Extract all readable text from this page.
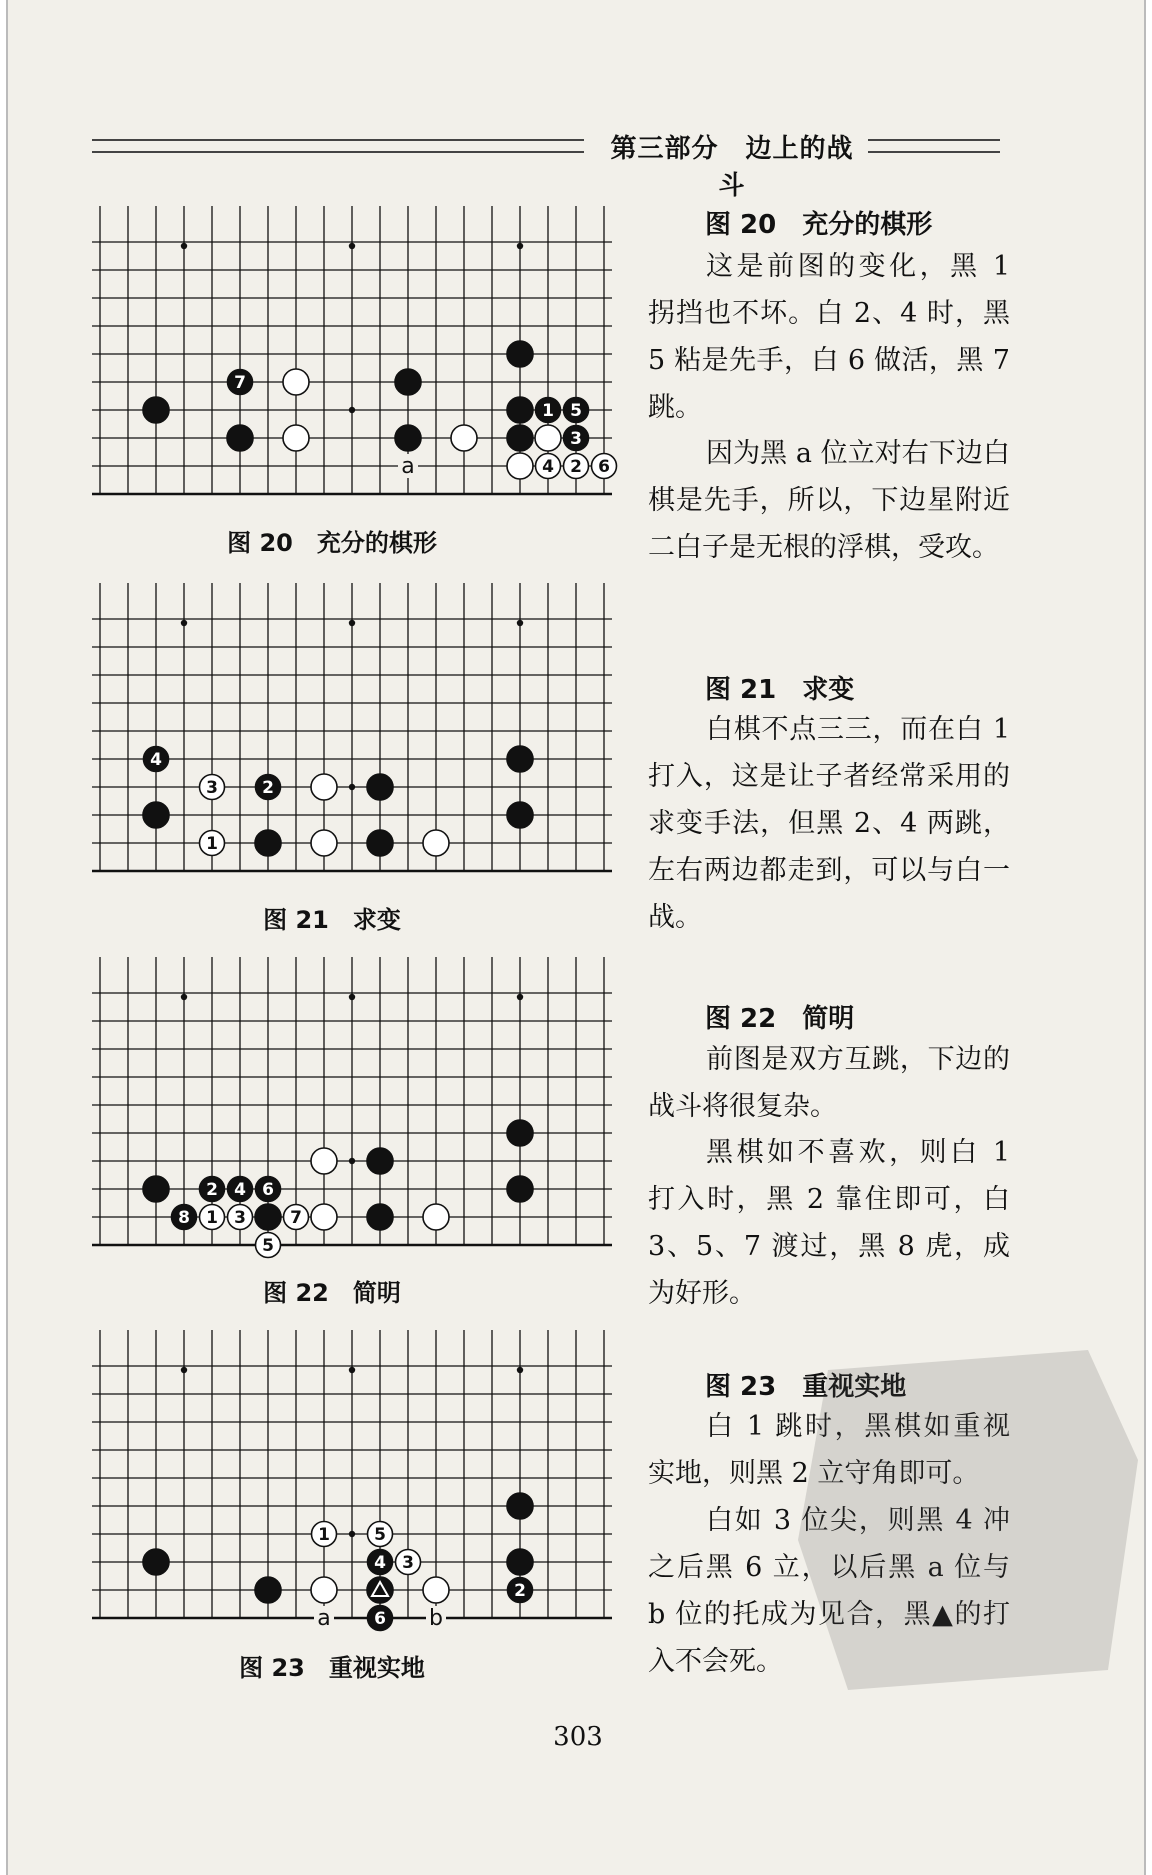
第三部分　边上的战斗
a
7
1 5
3
4 2 6
图 20　充分的棋形
4
3	2
1
图 21　求变
2 4 6
8 1 3	7
5
图 22　简明
a	b
1	5
4 3
2
6
图 23　重视实地
图 20　充分的棋形

这是前图的变化，黑 1 拐挡也不坏。白 2、4 时，黑 5 粘是先手，白 6 做活，黑 7 跳。

因为黑 a 位立对右下边白棋是先手，所以，下边星附近二白子是无根的浮棋，受攻。

图 21　求变

白棋不点三三，而在白 1 打入，这是让子者经常采用的求变手法，但黑 2、4 两跳，左右两边都走到，可以与白一战。

图 22　简明

前图是双方互跳，下边的战斗将很复杂。

黑棋如不喜欢，则白 1 打入时，黑 2 靠住即可，白 3、5、7 渡过，黑 8 虎，成为好形。

图 23　重视实地

白 1 跳时，黑棋如重视实地，则黑 2 立守角即可。

白如 3 位尖，则黑 4 冲之后黑 6 立，以后黑 a 位与 b 位的托成为见合，黑▲的打入不会死。

303
